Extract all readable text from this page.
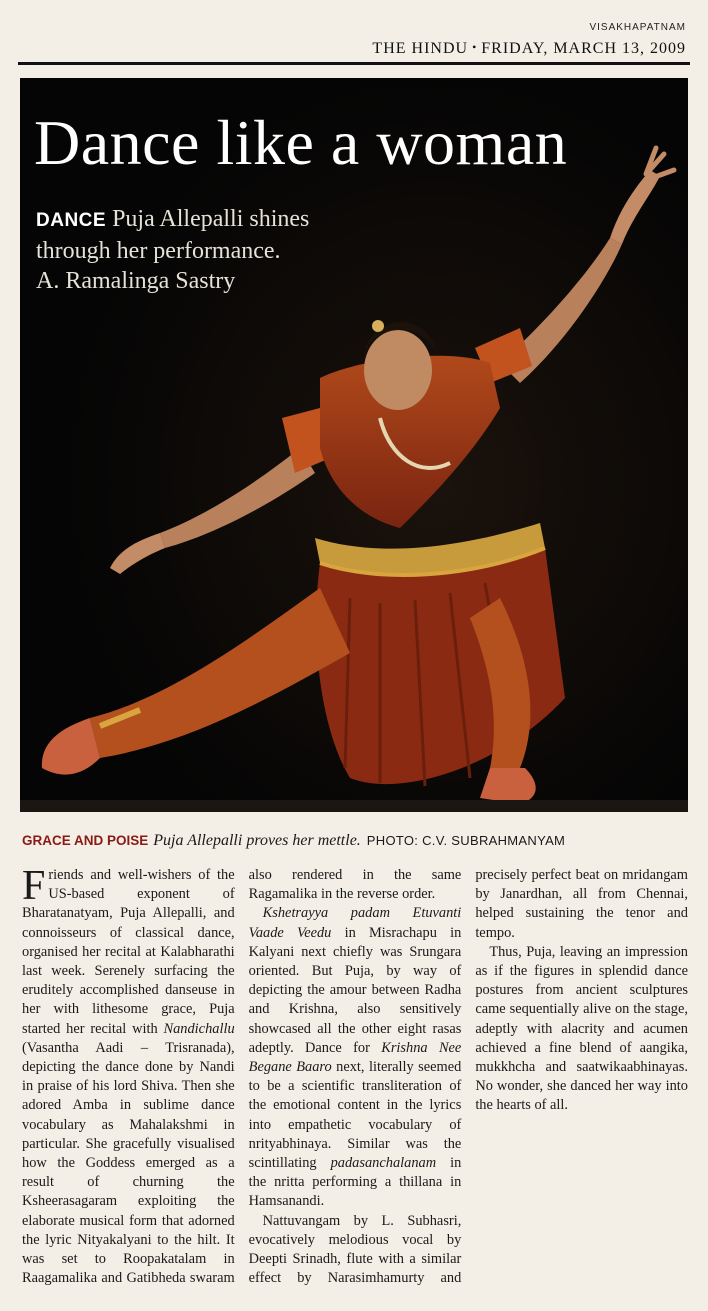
VISAKHAPATNAM
THE HINDU • FRIDAY, MARCH 13, 2009
Dance like a woman
DANCE Puja Allepalli shines through her performance.
A. Ramalinga Sastry
GRACE AND POISE Puja Allepalli proves her mettle. PHOTO: C.V. SUBRAHMANYAM

Friends and well-wishers of the US-based exponent of Bharatanatyam, Puja Allepalli, and connoisseurs of classical dance, organised her recital at Kalabharathi last week. Serenely surfacing the eruditely accomplished danseuse in her with lithesome grace, Puja started her recital with Nandichallu (Vasantha Aadi – Trisranada), depicting the dance done by Nandi in praise of his lord Shiva. Then she adored Amba in sublime dance vocabulary as Mahalakshmi in particular. She gracefully visualised how the Goddess emerged as a result of churning the Ksheerasagaram exploiting the elaborate musical form that adorned the lyric Nityakalyani to the hilt. It was set to Roopakatalam in Raagamalika and Gatibheda swaram also rendered in the same Ragamalika in the reverse order.

Kshetrayya padam Etuvanti Vaade Veedu in Misrachapu in Kalyani next chiefly was Srungara oriented. But Puja, by way of depicting the amour between Radha and Krishna, also sensitively showcased all the other eight rasas adeptly. Dance for Krishna Nee Begane Baaro next, literally seemed to be a scientific transliteration of the emotional content in the lyrics into empathetic vocabulary of nrityabhinaya. Similar was the scintillating padasanchalanam in the nritta performing a thillana in Hamsanandi.

Nattuvangam by L. Subhasri, evocatively melodious vocal by Deepti Srinadh, flute with a similar effect by Narasimhamurty and precisely perfect beat on mridangam by Janardhan, all from Chennai, helped sustaining the tenor and tempo.

Thus, Puja, leaving an impression as if the figures in splendid dance postures from ancient sculptures came sequentially alive on the stage, adeptly with alacrity and acumen achieved a fine blend of aangika, mukkhcha and saatwikaabhinayas. No wonder, she danced her way into the hearts of all.
